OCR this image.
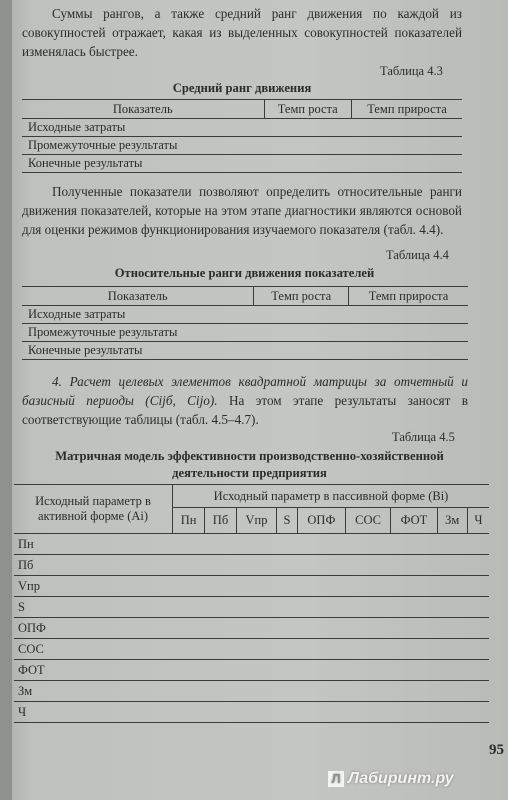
Суммы рангов, а также средний ранг движения по каждой из совокупностей отражает, какая из выделенных совокупностей показателей изменялась быстрее.
Таблица 4.3
Средний ранг движения
Показатель	Темп роста	Темп прироста
Исходные затраты		
Промежуточные результаты		
Конечные результаты		
Полученные показатели позволяют определить относительные ранги движения показателей, которые на этом этапе диагностики являются основой для оценки режимов функционирования изучаемого показателя (табл. 4.4).
Таблица 4.4
Относительные ранги движения показателей
Показатель	Темп роста	Темп прироста
Исходные затраты		
Промежуточные результаты		
Конечные результаты		
4. Расчет целевых элементов квадратной матрицы за отчетный и базисный периоды (Cijб, Cijо). На этом этапе результаты заносят в соответствующие таблицы (табл. 4.5–4.7).
Таблица 4.5
Матричная модель эффективности производственно-хозяйственной деятельности предприятия
Исходный параметр в активной форме (Ai)	Исходный параметр в пассивной форме (Bi)								
	Пн	Пб	Vпр	S	ОПФ	СОС	ФОТ	Зм	Ч
Пн									
Пб									
Vпр									
S									
ОПФ									
СОС									
ФОТ									
Зм									
Ч									
95
Л Лабиринт.ру
